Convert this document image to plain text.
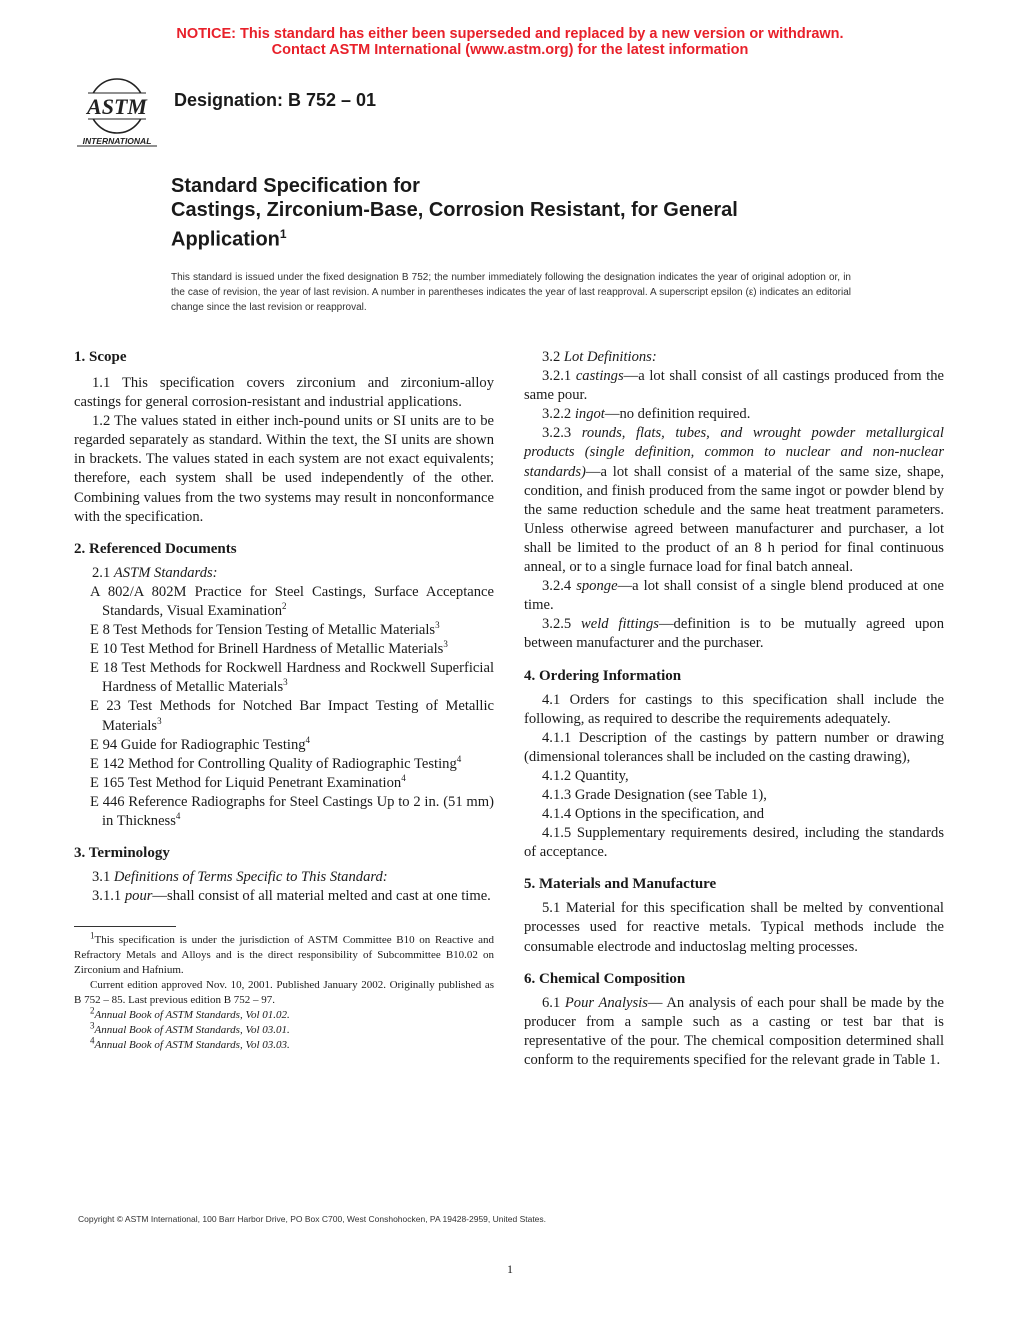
NOTICE: This standard has either been superseded and replaced by a new version or withdrawn.
Contact ASTM International (www.astm.org) for the latest information
ASTM
INTERNATIONAL
Designation: B 752 – 01
Standard Specification for
Castings, Zirconium-Base, Corrosion Resistant, for General
Application$^1$
This standard is issued under the fixed designation B 752; the number immediately following the designation indicates the year of original adoption or, in the case of revision, the year of last revision. A number in parentheses indicates the year of last reapproval. A superscript epsilon (ε) indicates an editorial change since the last revision or reapproval.
1. Scope

1.1 This specification covers zirconium and zirconium-alloy castings for general corrosion-resistant and industrial applications.

1.2 The values stated in either inch-pound units or SI units are to be regarded separately as standard. Within the text, the SI units are shown in brackets. The values stated in each system are not exact equivalents; therefore, each system shall be used independently of the other. Combining values from the two systems may result in nonconformance with the specification.

2. Referenced Documents

2.1 ASTM Standards:

A 802/A 802M Practice for Steel Castings, Surface Acceptance Standards, Visual Examination$^2$

E 8 Test Methods for Tension Testing of Metallic Materials$^3$

E 10 Test Method for Brinell Hardness of Metallic Materials$^3$

E 18 Test Methods for Rockwell Hardness and Rockwell Superficial Hardness of Metallic Materials$^3$

E 23 Test Methods for Notched Bar Impact Testing of Metallic Materials$^3$

E 94 Guide for Radiographic Testing$^4$

E 142 Method for Controlling Quality of Radiographic Testing$^4$

E 165 Test Method for Liquid Penetrant Examination$^4$

E 446 Reference Radiographs for Steel Castings Up to 2 in. (51 mm) in Thickness$^4$

3. Terminology

3.1 Definitions of Terms Specific to This Standard:

3.1.1 pour—shall consist of all material melted and cast at one time.

$^1$This specification is under the jurisdiction of ASTM Committee B10 on Reactive and Refractory Metals and Alloys and is the direct responsibility of Subcommittee B10.02 on Zirconium and Hafnium.

Current edition approved Nov. 10, 2001. Published January 2002. Originally published as B 752 – 85. Last previous edition B 752 – 97.

$^2$Annual Book of ASTM Standards, Vol 01.02.

$^3$Annual Book of ASTM Standards, Vol 03.01.

$^4$Annual Book of ASTM Standards, Vol 03.03.

3.2 Lot Definitions:

3.2.1 castings—a lot shall consist of all castings produced from the same pour.

3.2.2 ingot—no definition required.

3.2.3 rounds, flats, tubes, and wrought powder metallurgical products (single definition, common to nuclear and non-nuclear standards)—a lot shall consist of a material of the same size, shape, condition, and finish produced from the same ingot or powder blend by the same reduction schedule and the same heat treatment parameters. Unless otherwise agreed between manufacturer and purchaser, a lot shall be limited to the product of an 8 h period for final continuous anneal, or to a single furnace load for final batch anneal.

3.2.4 sponge—a lot shall consist of a single blend produced at one time.

3.2.5 weld fittings—definition is to be mutually agreed upon between manufacturer and the purchaser.

4. Ordering Information

4.1 Orders for castings to this specification shall include the following, as required to describe the requirements adequately.

4.1.1 Description of the castings by pattern number or drawing (dimensional tolerances shall be included on the casting drawing),

4.1.2 Quantity,

4.1.3 Grade Designation (see Table 1),

4.1.4 Options in the specification, and

4.1.5 Supplementary requirements desired, including the standards of acceptance.

5. Materials and Manufacture

5.1 Material for this specification shall be melted by conventional processes used for reactive metals. Typical methods include the consumable electrode and inductoslag melting processes.

6. Chemical Composition

6.1 Pour Analysis— An analysis of each pour shall be made by the producer from a sample such as a casting or test bar that is representative of the pour. The chemical composition determined shall conform to the requirements specified for the relevant grade in Table 1.

Copyright © ASTM International, 100 Barr Harbor Drive, PO Box C700, West Conshohocken, PA 19428-2959, United States.
1
